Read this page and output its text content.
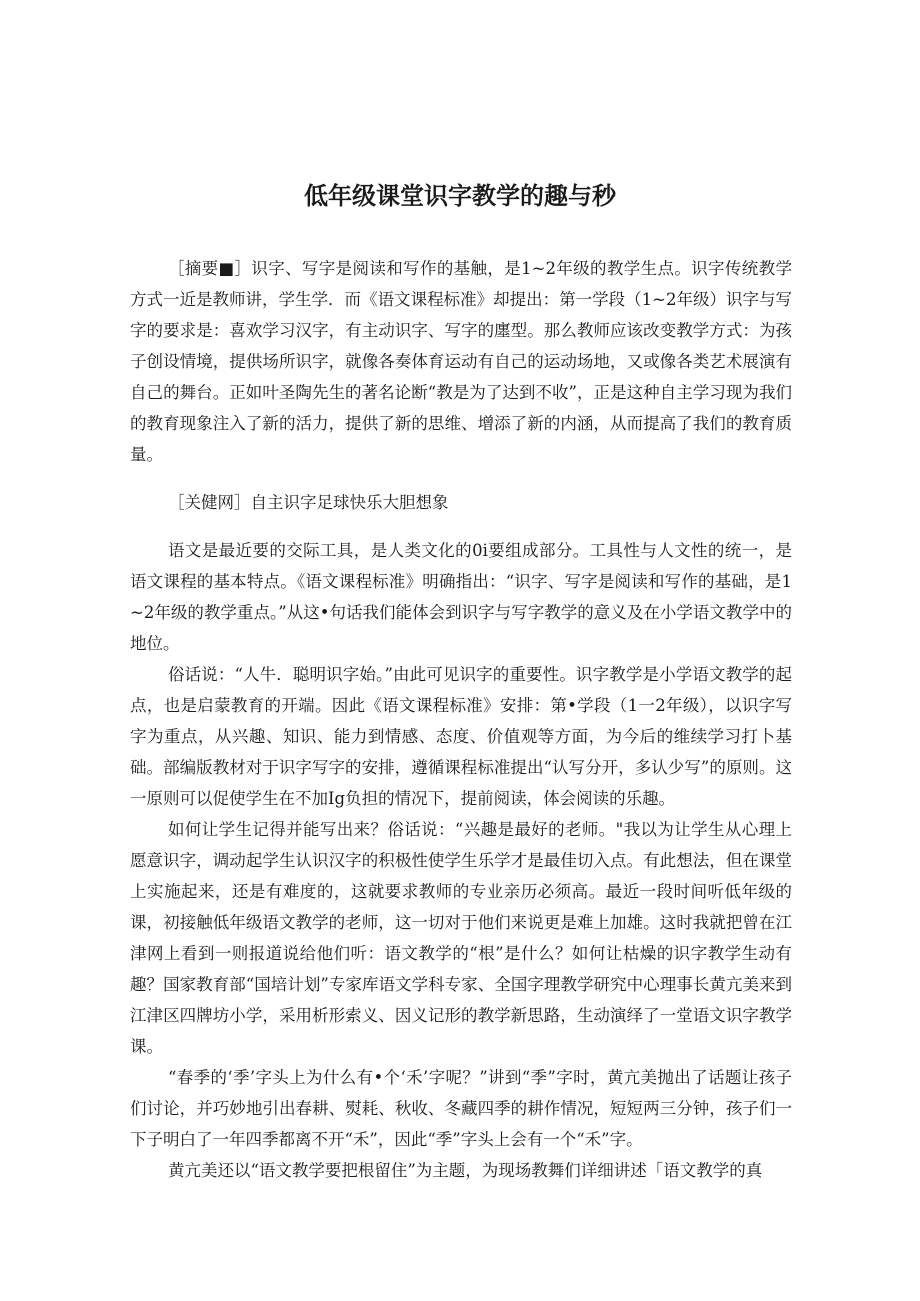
低年级课堂识字教学的趣与秒

［摘要■］识字、写字是阅读和写作的基触，是1~2年级的教学生点。识字传统教学方式一近是教师讲，学生学．而《语文课程标准》却提出：第一学段（1~2年级）识字与写字的要求是：喜欢学习汉字，有主动识字、写字的廛型。那么教师应该改变教学方式：为孩子创设情境，提供场所识字，就像各奏体育运动有自己的运动场地，又或像各类艺术展演有自己的舞台。正如叶圣陶先生的著名论断“教是为了达到不收”，正是这种自主学习现为我们的教育现象注入了新的活力，提供了新的思维、增添了新的内涵，从而提高了我们的教育质量。

［关健网］自主识字足球快乐大胆想象

语文是最近要的交际工具，是人类文化的0i要组成部分。工具性与人文性的统一，是语文课程的基本特点。《语文课程标准》明确指出：“识字、写字是阅读和写作的基础，是1~2年级的教学重点。”从这•句话我们能体会到识字与写字教学的意义及在小学语文教学中的地位。

俗话说：“人牛．聪明识字始。”由此可见识字的重要性。识字教学是小学语文教学的起点，也是启蒙教育的开端。因此《语文课程标准》安排：第•学段（1一2年级），以识字写字为重点，从兴趣、知识、能力到情感、态度、价值观等方面，为今后的维续学习打卜基础。部编版教材对于识字写字的安排，遵循课程标准提出“认写分开，多认少写”的原则。这一原则可以促使学生在不加Ig负担的情况下，提前阅读，体会阅读的乐趣。

如何让学生记得并能写出来？俗话说：“兴趣是最好的老师。"我以为让学生从心理上愿意识字，调动起学生认识汉字的积极性使学生乐学才是最佳切入点。有此想法，但在课堂上实施起来，还是有难度的，这就要求教师的专业亲历必须高。最近一段时间听低年级的课，初接触低年级语文教学的老师，这一切对于他们来说更是难上加雄。这时我就把曾在江津网上看到一则报道说给他们听：语文教学的“根”是什么？如何让枯燥的识字教学生动有趣？国家教育部“国培计划”专家库语文学科专家、全国字理教学研究中心理事长黄亢美来到江津区四牌坊小学，采用析形索义、因义记形的教学新思路，生动演绎了一堂语文识字教学课。

“春季的‘季’字头上为什么有•个‘禾’字呢？”讲到“季”字时，黄亢美抛出了话题让孩子们讨论，并巧妙地引出春耕、熨耗、秋收、冬藏四季的耕作情况，短短两三分钟，孩子们一下子明白了一年四季都离不开“禾”，因此“季”字头上会有一个“禾”字。

黄亢美还以“语文教学要把根留住”为主题，为现场教舞们详细讲述「语文教学的真
